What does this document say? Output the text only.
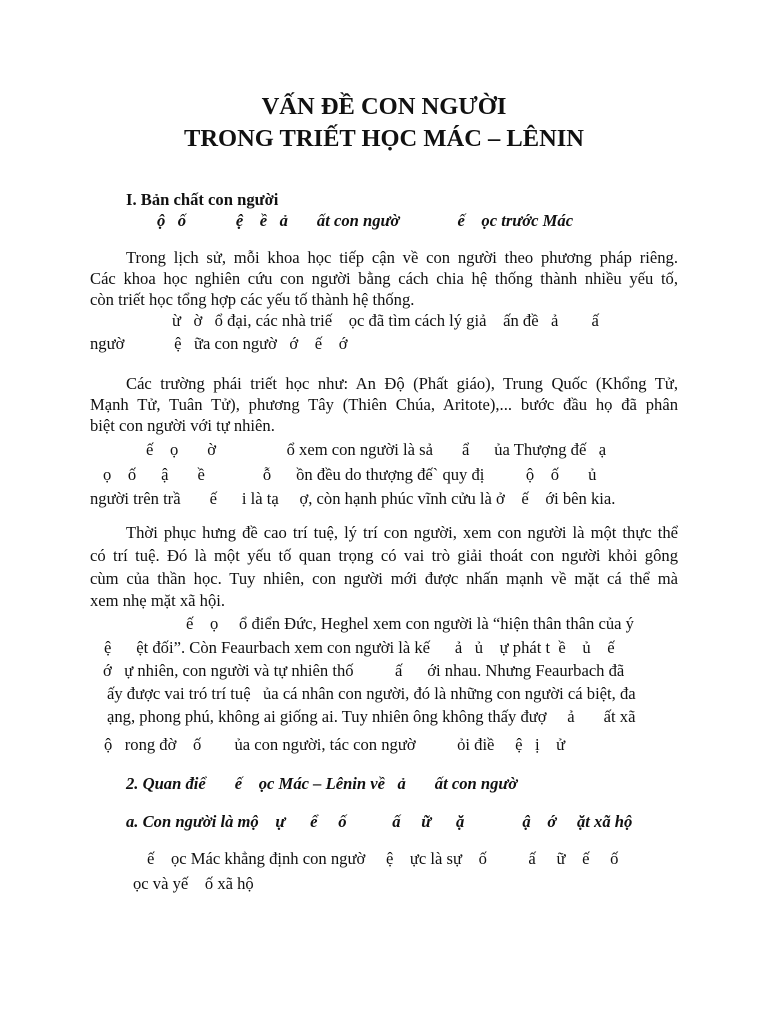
VẤN ĐỀ CON NGƯỜI
TRONG TRIẾT HỌC MÁC – LÊNIN
I. Bản chất con người
ộ   ố            ệ    ề   ả       ất con ngườ              ế    ọc trước Mác
Trong lịch sử, mỗi khoa học tiếp cận về con người theo phương pháp riêng.
Các khoa học nghiên cứu con người bằng cách chia hệ thống thành nhiều yếu tố,
còn triết học tổng hợp các yếu tố thành hệ thống.
ừ   ờ   ổ đại, các nhà triế    ọc đã tìm cách lý giả    ấn đề   ả        ấ
ngườ            ệ   ữa con ngườ   ớ    ế    ớ
Các trường phái triết học như: An Độ (Phất giáo), Trung Quốc (Khổng Tử,
Mạnh Tử, Tuân Tử), phương Tây (Thiên Chúa, Aritote),... bước đầu họ đã phân
biệt con người với tự nhiên.
ế    ọ       ờ                 ổ xem con người là sả       ẩ      ủa Thượng đế   ạ
ọ    ố      ậ       ề              ỗ      ồn đều do thượng đế` quy đị          ộ    ố       ủ
người trên trầ       ế      i là tạ     ợ, còn hạnh phúc vĩnh cửu là ở    ế    ới bên kia.
Thời phục hưng đề cao trí tuệ, lý trí con người, xem con người là một thực thể
có trí tuệ. Đó là một yếu tố quan trọng có vai trò giải thoát con người khỏi gông
cùm của thần học. Tuy nhiên, con người mới được nhấn mạnh về mặt cá thể mà
xem nhẹ mặt xã hội.
ế    ọ     ổ điển Đức, Heghel xem con người là “hiện thân thân của ý
ệ      ệt đối”. Còn Feaurbach xem con người là kế      ả   ủ    ự phát t  ề    ủ    ế
ớ   ự nhiên, con người và tự nhiên thố          ấ      ới nhau. Nhưng Feaurbach đã
ấy được vai tró trí tuệ   ủa cá nhân con người, đó là những con người cá biệt, đa
ạng, phong phú, không ai giống ai. Tuy nhiên ông không thấy đượ     ả       ất xã
ộ   rong đờ    ố        ủa con người, tác con ngườ          ỏi điề     ệ   ị    ử
2. Quan điể       ế    ọc Mác – Lênin về   ả       ất con ngườ
a. Con người là mộ    ự      ể     ố           ấ     ữ      ặ              ậ    ớ     ặt xã hộ
ế    ọc Mác khẳng định con ngườ     ệ    ực là sự    ố          ấ     ữ    ế     ố
ọc và yế    ố xã hộ
